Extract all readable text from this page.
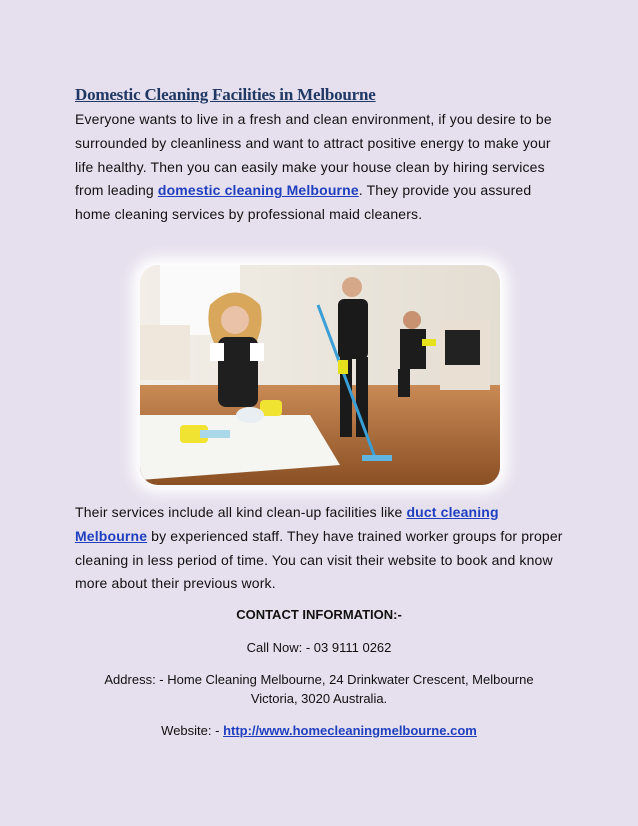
Domestic Cleaning Facilities in Melbourne

Everyone wants to live in a fresh and clean environment, if you desire to be surrounded by cleanliness and want to attract positive energy to make your life healthy. Then you can easily make your house clean by hiring services from leading domestic cleaning Melbourne. They provide you assured home cleaning services by professional maid cleaners.

Their services include all kind clean-up facilities like duct cleaning Melbourne by experienced staff. They have trained worker groups for proper cleaning in less period of time. You can visit their website to book and know more about their previous work.

CONTACT INFORMATION:-

Call Now: - 03 9111 0262

Address: - Home Cleaning Melbourne, 24 Drinkwater Crescent, Melbourne
Victoria, 3020 Australia.

Website: - http://www.homecleaningmelbourne.com
